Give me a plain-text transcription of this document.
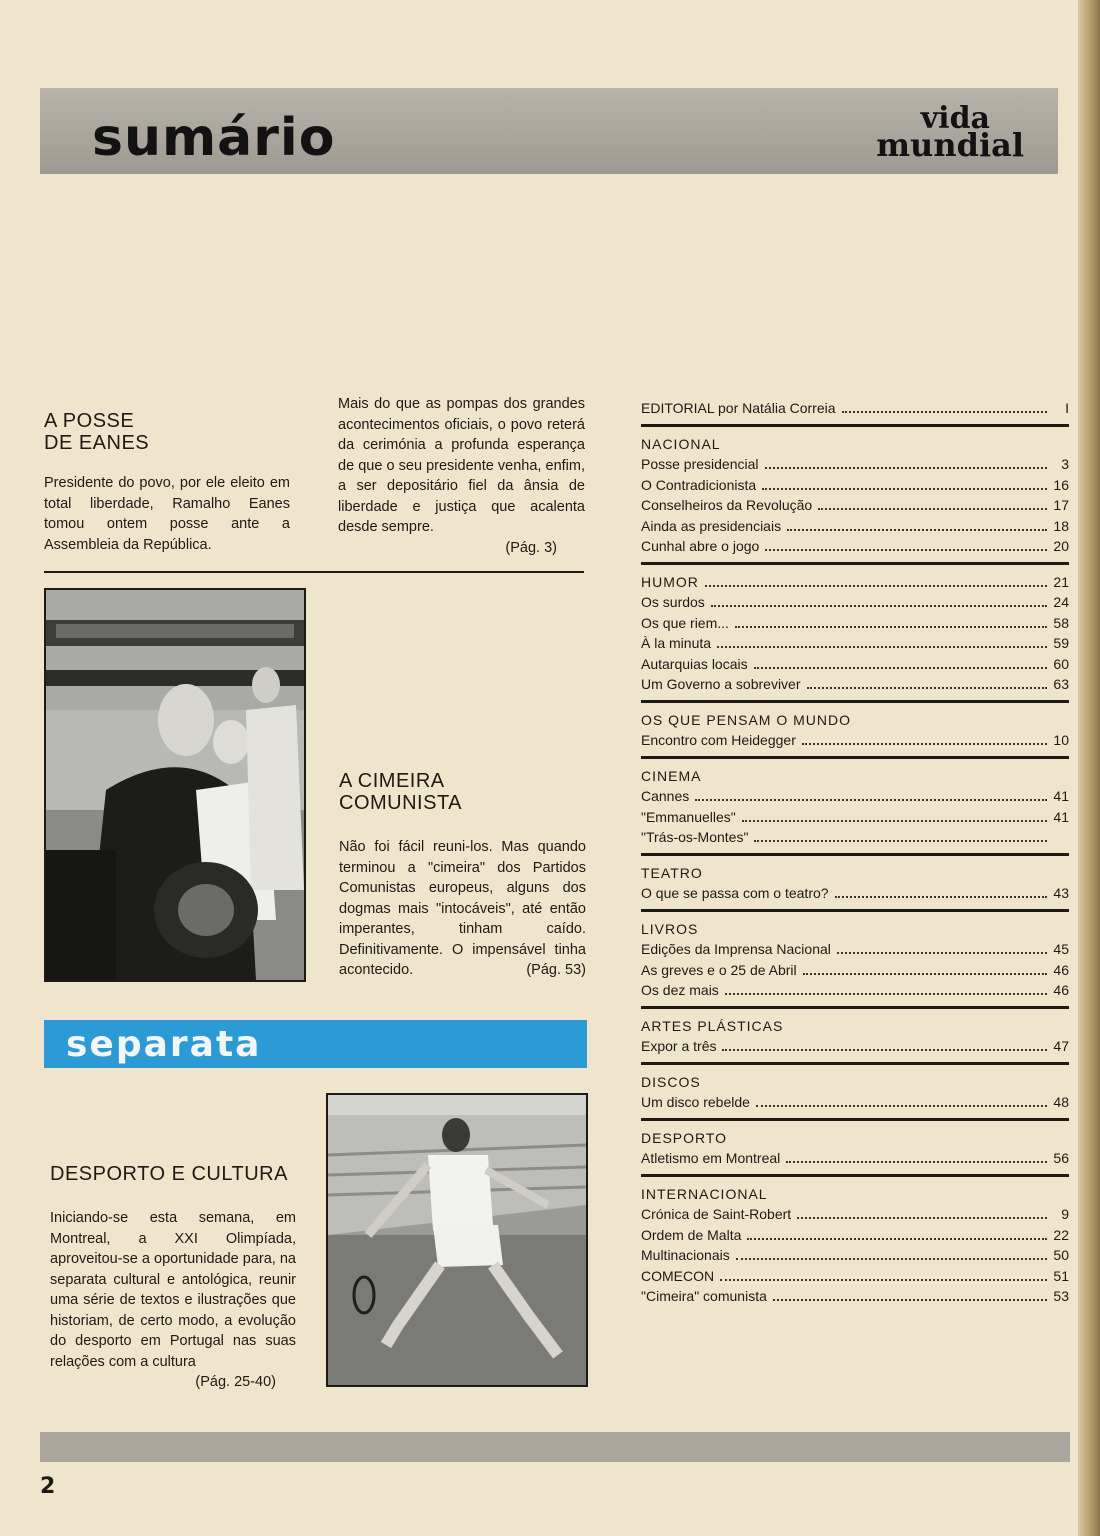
sumário	vida
mundial
A POSSE
DE EANES
Presidente do povo, por ele eleito em total liberdade, Ramalho Eanes tomou ontem posse ante a Assembleia da República.
Mais do que as pompas dos grandes acontecimentos oficiais, o povo reterá da cerimónia a profunda esperança de que o seu presidente venha, enfim, a ser depositário fiel da ânsia de liberdade e justiça que acalenta desde sempre.
(Pág. 3)
A CIMEIRA
COMUNISTA
Não foi fácil reuni-los. Mas quando terminou a "cimeira" dos Partidos Comunistas europeus, alguns dos dogmas mais "intocáveis", até então imperantes, tinham caído. Definitivamente. O impensável tinha acontecido.	(Pág. 53)
separata
DESPORTO E CULTURA
Iniciando-se esta semana, em Montreal, a XXI Olimpíada, aproveitou-se a oportunidade para, na separata cultural e antológica, reunir uma série de textos e ilustrações que historiam, de certo modo, a evolução do desporto em Portugal nas suas relações com a cultura
(Pág. 25-40)
EDITORIAL por Natália Correia	I
NACIONAL
Posse presidencial	3
O Contradicionista	16
Conselheiros da Revolução	17
Ainda as presidenciais	18
Cunhal abre o jogo	20
HUMOR	21
Os surdos	24
Os que riem...	58
À la minuta	59
Autarquias locais	60
Um Governo a sobreviver	63
OS QUE PENSAM O MUNDO
Encontro com Heidegger	10
CINEMA
Cannes	41
"Emmanuelles"	41
"Trás-os-Montes"
TEATRO
O que se passa com o teatro?	43
LIVROS
Edições da Imprensa Nacional	45
As greves e o 25 de Abril	46
Os dez mais	46
ARTES PLÁSTICAS
Expor a três	47
DISCOS
Um disco rebelde	48
DESPORTO
Atletismo em Montreal	56
INTERNACIONAL
Crónica de Saint-Robert	9
Ordem de Malta	22
Multinacionais	50
COMECON	51
"Cimeira" comunista	53
2
